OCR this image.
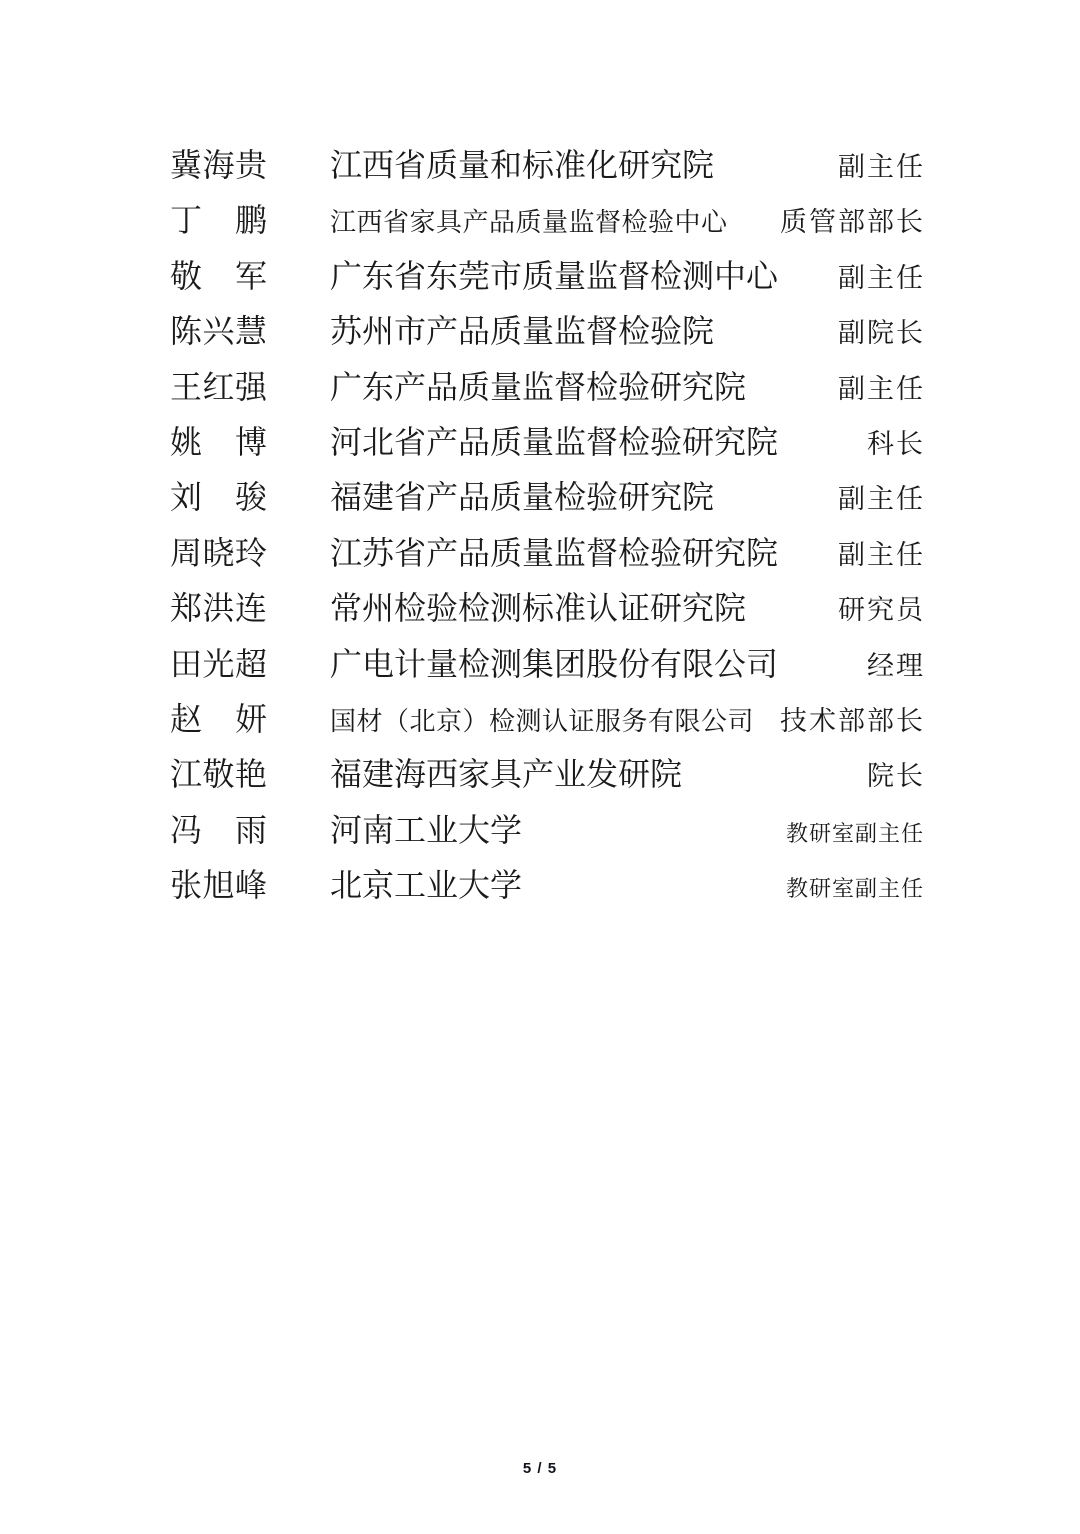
冀海贵 江西省质量和标准化研究院	副主任
丁　鹏 江西省家具产品质量监督检验中心	质管部部长
敬　军 广东省东莞市质量监督检测中心	副主任
陈兴慧 苏州市产品质量监督检验院	副院长
王红强 广东产品质量监督检验研究院	副主任
姚　博 河北省产品质量监督检验研究院	科长
刘　骏 福建省产品质量检验研究院	副主任
周晓玲 江苏省产品质量监督检验研究院	副主任
郑洪连 常州检验检测标准认证研究院	研究员
田光超 广电计量检测集团股份有限公司	经理
赵　妍 国材（北京）检测认证服务有限公司 技术部部长
江敬艳 福建海西家具产业发研院	院长
冯　雨 河南工业大学	教研室副主任
张旭峰 北京工业大学	教研室副主任
5 / 5
